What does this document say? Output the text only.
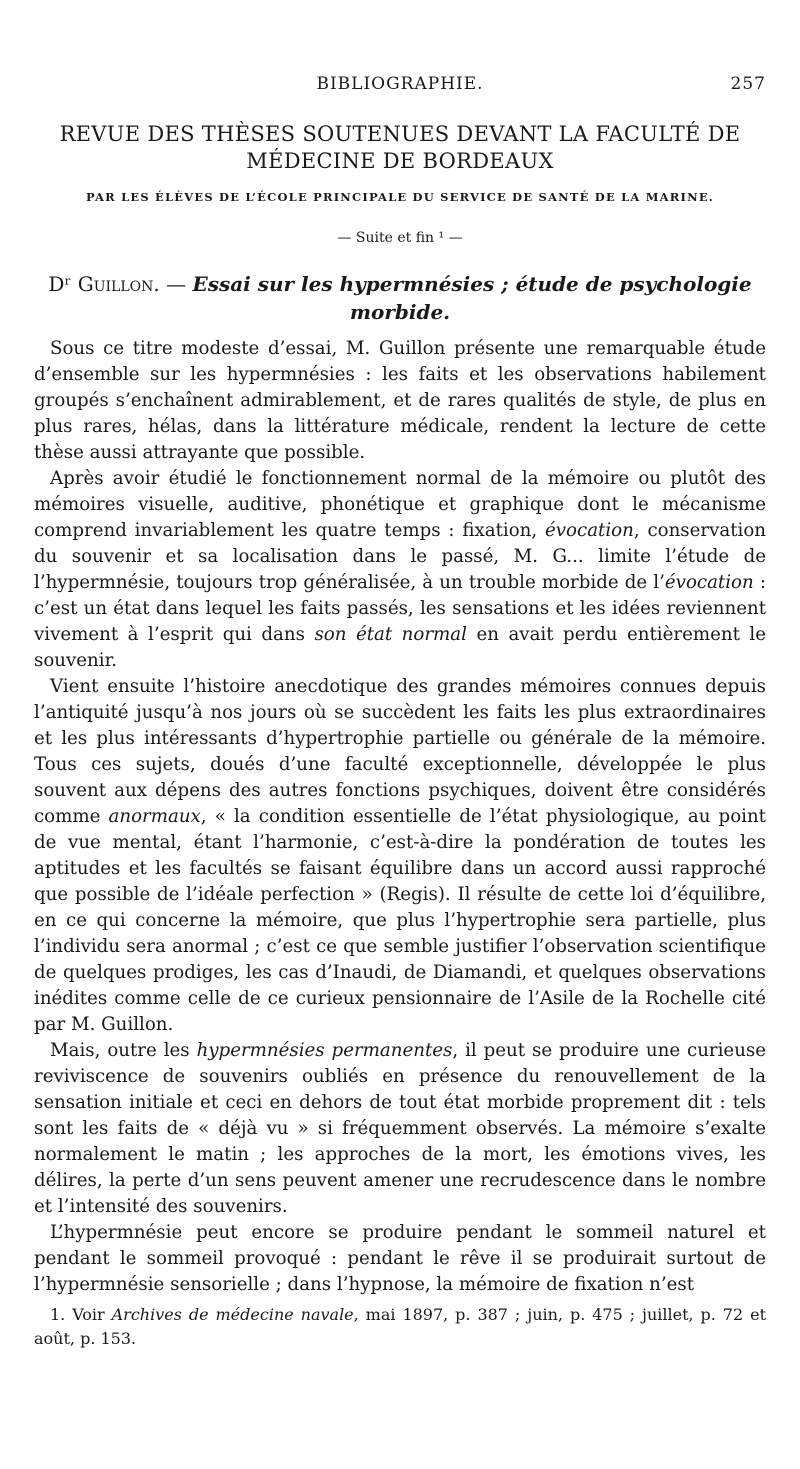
BIBLIOGRAPHIE.	257
REVUE DES THÈSES SOUTENUES DEVANT LA FACULTÉ DE MÉDECINE DE BORDEAUX
PAR LES ÉLÈVES DE L’ÉCOLE PRINCIPALE DU SERVICE DE SANTÉ DE LA MARINE.
— Suite et fin ¹ —
Dʳ Guillon. — Essai sur les hypermnésies ; étude de psychologie morbide.

Sous ce titre modeste d’essai, M. Guillon présente une remarquable étude d’ensemble sur les hypermnésies : les faits et les observations habilement groupés s’enchaînent admirablement, et de rares qualités de style, de plus en plus rares, hélas, dans la littérature médicale, rendent la lecture de cette thèse aussi attrayante que possible.

Après avoir étudié le fonctionnement normal de la mémoire ou plutôt des mémoires visuelle, auditive, phonétique et graphique dont le mécanisme comprend invariablement les quatre temps : fixation, évocation, conservation du souvenir et sa localisation dans le passé, M. G... limite l’étude de l’hypermnésie, toujours trop généralisée, à un trouble morbide de l’évocation : c’est un état dans lequel les faits passés, les sensations et les idées reviennent vivement à l’esprit qui dans son état normal en avait perdu entièrement le souvenir.

Vient ensuite l’histoire anecdotique des grandes mémoires connues depuis l’antiquité jusqu’à nos jours où se succèdent les faits les plus extraordinaires et les plus intéressants d’hypertrophie partielle ou générale de la mémoire. Tous ces sujets, doués d’une faculté exceptionnelle, développée le plus souvent aux dépens des autres fonctions psychiques, doivent être considérés comme anormaux, « la condition essentielle de l’état physiologique, au point de vue mental, étant l’harmonie, c’est-à-dire la pondération de toutes les aptitudes et les facultés se faisant équilibre dans un accord aussi rapproché que possible de l’idéale perfection » (Regis). Il résulte de cette loi d’équilibre, en ce qui concerne la mémoire, que plus l’hypertrophie sera partielle, plus l’individu sera anormal ; c’est ce que semble justifier l’observation scientifique de quelques prodiges, les cas d’Inaudi, de Diamandi, et quelques observations inédites comme celle de ce curieux pensionnaire de l’Asile de la Rochelle cité par M. Guillon.

Mais, outre les hypermnésies permanentes, il peut se produire une curieuse reviviscence de souvenirs oubliés en présence du renouvellement de la sensation initiale et ceci en dehors de tout état morbide proprement dit : tels sont les faits de « déjà vu » si fréquemment observés. La mémoire s’exalte normalement le matin ; les approches de la mort, les émotions vives, les délires, la perte d’un sens peuvent amener une recrudescence dans le nombre et l’intensité des souvenirs.

L’hypermnésie peut encore se produire pendant le sommeil naturel et pendant le sommeil provoqué : pendant le rêve il se produirait surtout de l’hypermnésie sensorielle ; dans l’hypnose, la mémoire de fixation n’est

1. Voir Archives de médecine navale, mai 1897, p. 387 ; juin, p. 475 ; juillet, p. 72 et août, p. 153.
